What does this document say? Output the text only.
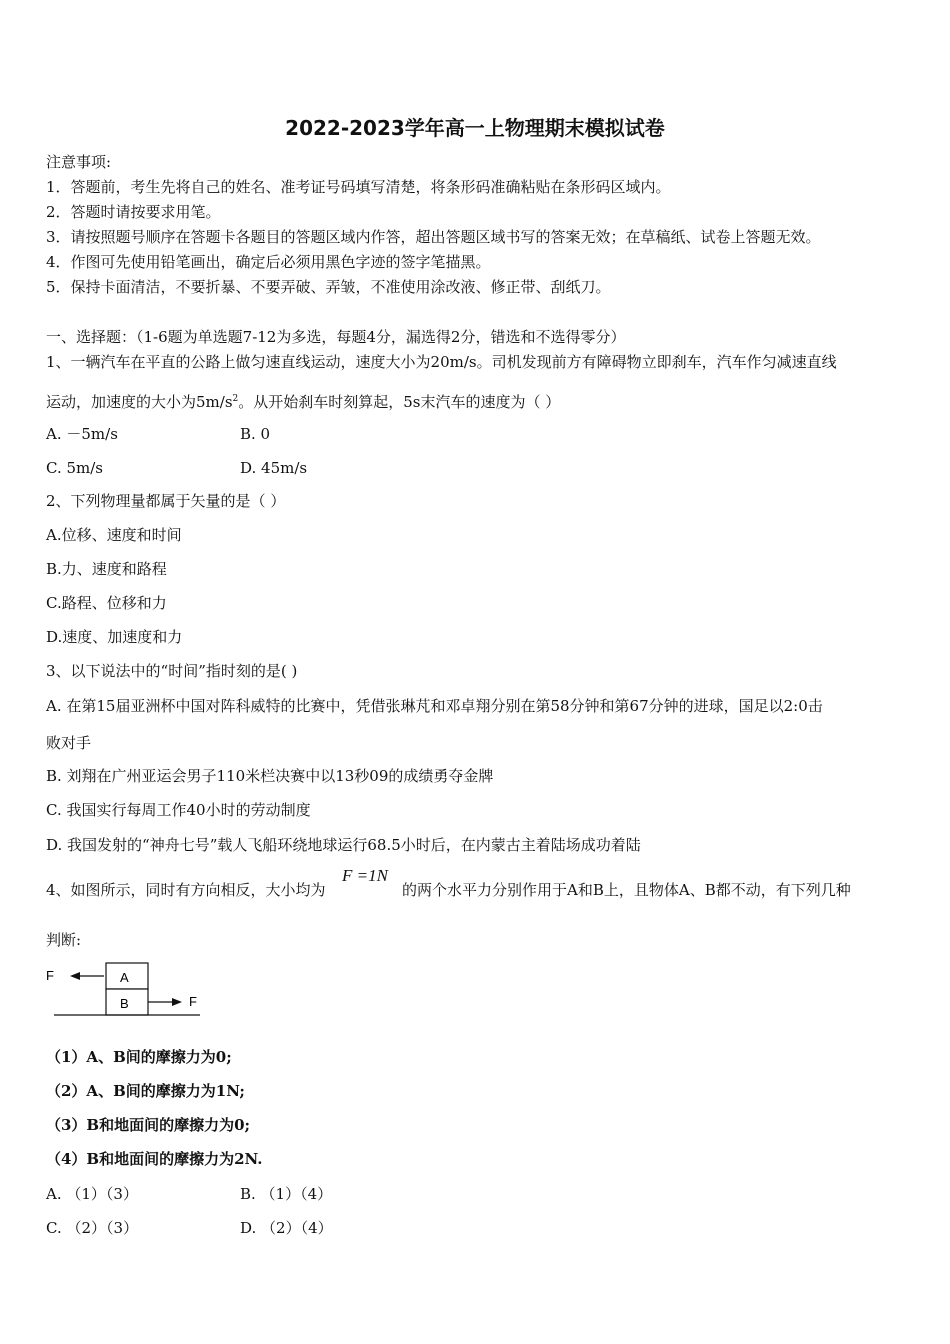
2022-2023学年高一上物理期末模拟试卷
注意事项:
1．答题前，考生先将自己的姓名、准考证号码填写清楚，将条形码准确粘贴在条形码区域内。
2．答题时请按要求用笔。
3．请按照题号顺序在答题卡各题目的答题区域内作答，超出答题区域书写的答案无效；在草稿纸、试卷上答题无效。
4．作图可先使用铅笔画出，确定后必须用黑色字迹的签字笔描黑。
5．保持卡面清洁，不要折暴、不要弄破、弄皱，不准使用涂改液、修正带、刮纸刀。
一、选择题：（1-6题为单选题7-12为多选，每题4分，漏选得2分，错选和不选得零分）
1、一辆汽车在平直的公路上做匀速直线运动，速度大小为20m/s。司机发现前方有障碍物立即刹车，汽车作匀减速直线
运动，加速度的大小为$5m/s^2$。从开始刹车时刻算起，5s末汽车的速度为（ ）
A. －5m/s	B. 0
C. 5m/s	D. 45m/s
2、下列物理量都属于矢量的是（ ）
A.位移、速度和时间
B.力、速度和路程
C.路程、位移和力
D.速度、加速度和力
3、以下说法中的“时间”指时刻的是( )
A. 在第15届亚洲杯中国对阵科威特的比赛中，凭借张琳芃和邓卓翔分别在第58分钟和第67分钟的进球，国足以2:0击
败对手
B. 刘翔在广州亚运会男子110米栏决赛中以13秒09的成绩勇夺金牌
C. 我国实行每周工作40小时的劳动制度
D. 我国发射的“神舟七号”载人飞船环绕地球运行68.5小时后，在内蒙古主着陆场成功着陆
4、如图所示，同时有方向相反，大小均为
F =1N
的两个水平力分别作用于A和B上，且物体A、B都不动，有下列几种
判断:
F	A
B	F
（1）A、B间的摩擦力为0;
（2）A、B间的摩擦力为1N;
（3）B和地面间的摩擦力为0;
（4）B和地面间的摩擦力为2N.
A. （1）（3）	B. （1）（4）
C. （2）（3）	D. （2）（4）
